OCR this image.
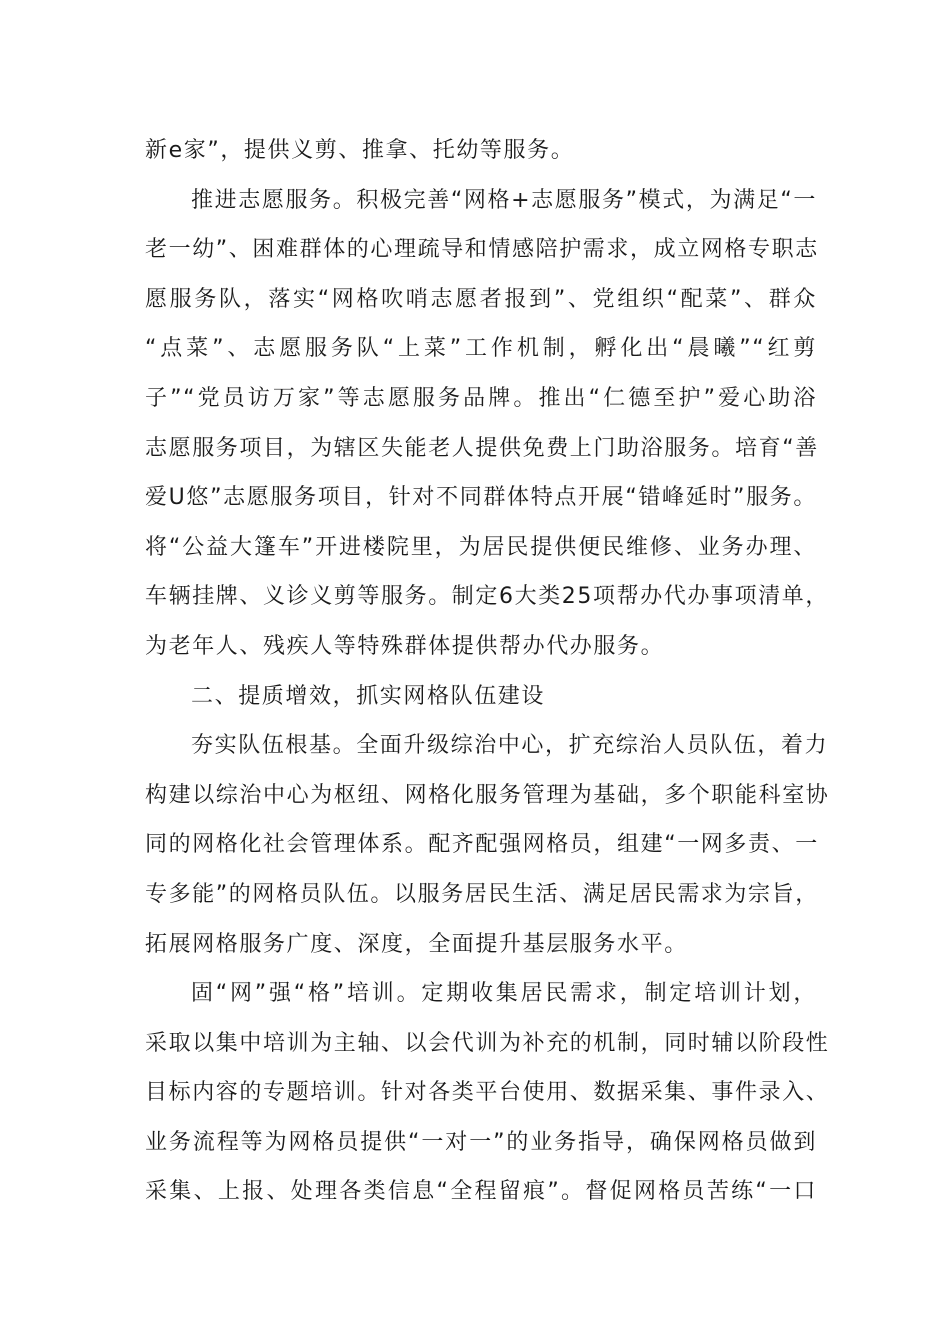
新e家”，提供义剪、推拿、托幼等服务。
推进志愿服务。积极完善“网格+志愿服务”模式，为满足“一
老一幼”、困难群体的心理疏导和情感陪护需求，成立网格专职志
愿服务队，落实“网格吹哨志愿者报到”、党组织“配菜”、群众
“点菜”、志愿服务队“上菜”工作机制，孵化出“晨曦”“红剪
子”“党员访万家”等志愿服务品牌。推出“仁德至护”爱心助浴
志愿服务项目，为辖区失能老人提供免费上门助浴服务。培育“善
爱U悠”志愿服务项目，针对不同群体特点开展“错峰延时”服务。
将“公益大篷车”开进楼院里，为居民提供便民维修、业务办理、
车辆挂牌、义诊义剪等服务。制定6大类25项帮办代办事项清单，
为老年人、残疾人等特殊群体提供帮办代办服务。
二、提质增效，抓实网格队伍建设
夯实队伍根基。全面升级综治中心，扩充综治人员队伍，着力
构建以综治中心为枢纽、网格化服务管理为基础，多个职能科室协
同的网格化社会管理体系。配齐配强网格员，组建“一网多责、一
专多能”的网格员队伍。以服务居民生活、满足居民需求为宗旨，
拓展网格服务广度、深度，全面提升基层服务水平。
固“网”强“格”培训。定期收集居民需求，制定培训计划，
采取以集中培训为主轴、以会代训为补充的机制，同时辅以阶段性
目标内容的专题培训。针对各类平台使用、数据采集、事件录入、
业务流程等为网格员提供“一对一”的业务指导，确保网格员做到
采集、上报、处理各类信息“全程留痕”。督促网格员苦练“一口
